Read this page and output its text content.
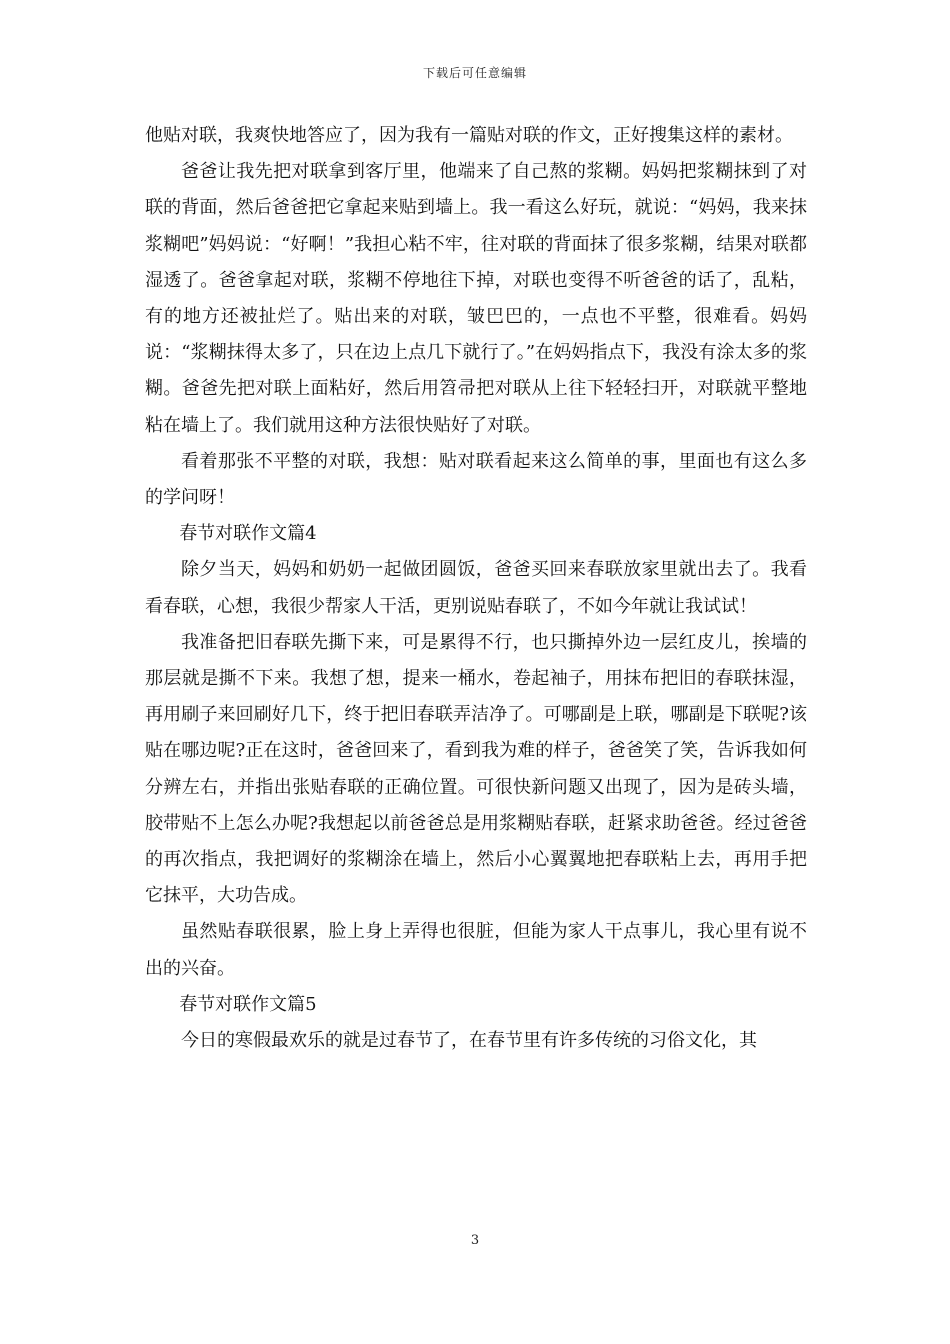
下载后可任意编辑

他贴对联，我爽快地答应了，因为我有一篇贴对联的作文，正好搜集这样的素材。

爸爸让我先把对联拿到客厅里，他端来了自己熬的浆糊。妈妈把浆糊抹到了对联的背面，然后爸爸把它拿起来贴到墙上。我一看这么好玩，就说：“妈妈，我来抹浆糊吧”妈妈说：“好啊！”我担心粘不牢，往对联的背面抹了很多浆糊，结果对联都湿透了。爸爸拿起对联，浆糊不停地往下掉，对联也变得不听爸爸的话了，乱粘，有的地方还被扯烂了。贴出来的对联，皱巴巴的，一点也不平整，很难看。妈妈说：“浆糊抹得太多了，只在边上点几下就行了。”在妈妈指点下，我没有涂太多的浆糊。爸爸先把对联上面粘好，然后用笤帚把对联从上往下轻轻扫开，对联就平整地粘在墙上了。我们就用这种方法很快贴好了对联。

看着那张不平整的对联，我想：贴对联看起来这么简单的事，里面也有这么多的学问呀！

春节对联作文篇4

除夕当天，妈妈和奶奶一起做团圆饭，爸爸买回来春联放家里就出去了。我看看春联，心想，我很少帮家人干活，更别说贴春联了，不如今年就让我试试！

我准备把旧春联先撕下来，可是累得不行，也只撕掉外边一层红皮儿，挨墙的那层就是撕不下来。我想了想，提来一桶水，卷起袖子，用抹布把旧的春联抹湿，再用刷子来回刷好几下，终于把旧春联弄洁净了。可哪副是上联，哪副是下联呢?该贴在哪边呢?正在这时，爸爸回来了，看到我为难的样子，爸爸笑了笑，告诉我如何分辨左右，并指出张贴春联的正确位置。可很快新问题又出现了，因为是砖头墙，胶带贴不上怎么办呢?我想起以前爸爸总是用浆糊贴春联，赶紧求助爸爸。经过爸爸的再次指点，我把调好的浆糊涂在墙上，然后小心翼翼地把春联粘上去，再用手把它抹平，大功告成。

虽然贴春联很累，脸上身上弄得也很脏，但能为家人干点事儿，我心里有说不出的兴奋。

春节对联作文篇5

今日的寒假最欢乐的就是过春节了，在春节里有许多传统的习俗文化，其

3
